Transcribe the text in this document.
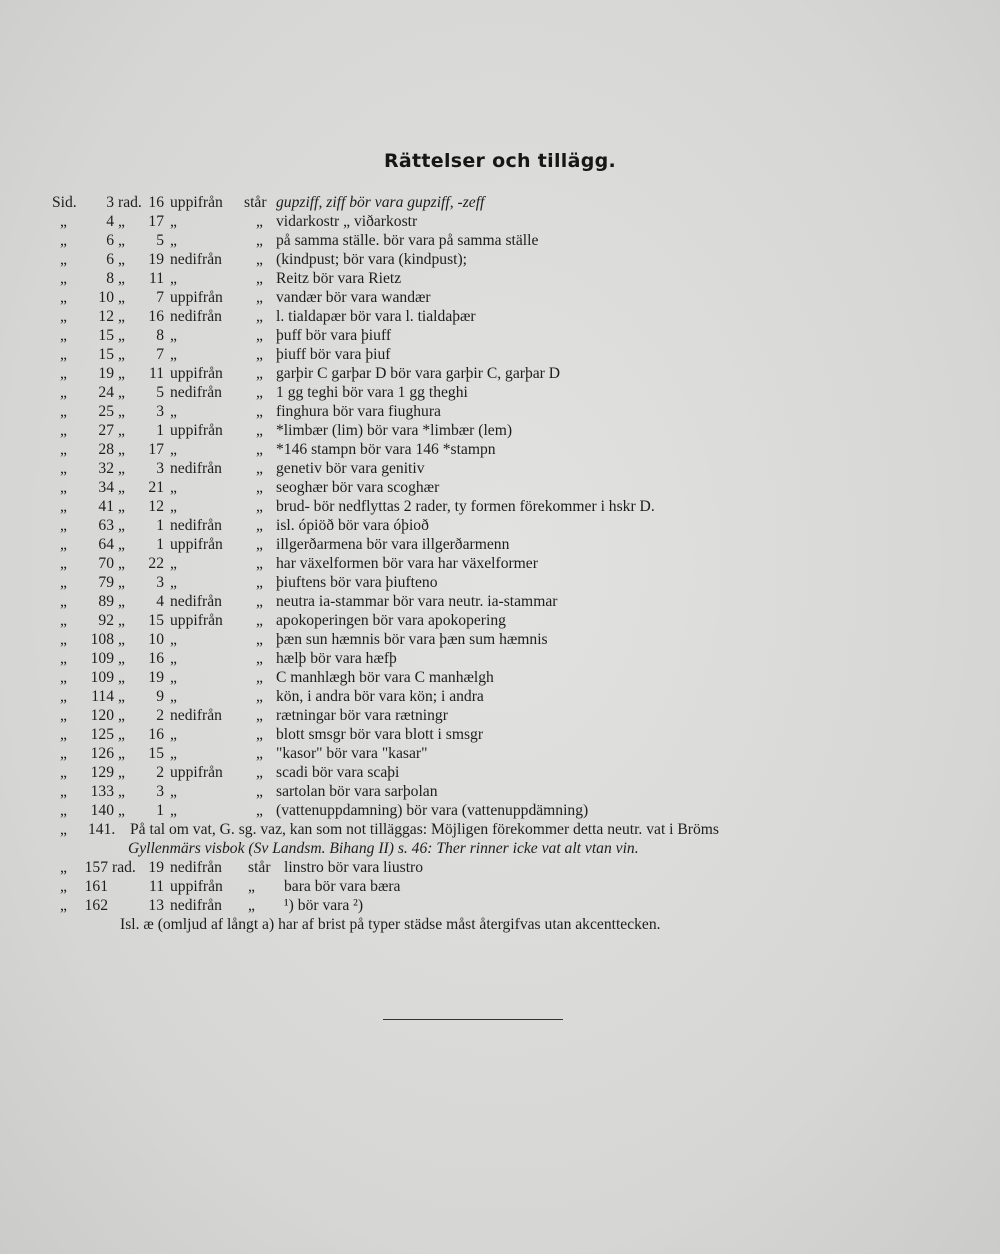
Rättelser och tillägg.
Sid.	3 rad. 16 uppifrån står gupziff, ziff bör vara gupziff, -zeff
„	4 „	17 „	„ vidarkostr „ viðarkostr
„	6 „	5 „	„ på samma ställe. bör vara på samma ställe
„	6 „	19 nedifrån „ (kindpust; bör vara (kindpust);
„	8 „	11 „	„ Reitz bör vara Rietz
„	10 „	7 uppifrån „ vandær bör vara wandær
„	12 „	16 nedifrån „ l. tialdapær bör vara l. tialdaþær
„	15 „	8 „	„ þuff bör vara þiuff
„	15 „	7 „	„ þiuff bör vara þiuf
„	19 „	11 uppifrån „ garþir C garþar D bör vara garþir C, garþar D
„	24 „	5 nedifrån „ 1 gg teghi bör vara 1 gg theghi
„	25 „	3 „	„ finghura bör vara fiughura
„	27 „	1 uppifrån „ *limbær (lim) bör vara *limbær (lem)
„	28 „	17 „	„ *146 stampn bör vara 146 *stampn
„	32 „	3 nedifrån „ genetiv bör vara genitiv
„	34 „	21 „	„ seoghær bör vara scoghær
„	41 „	12 „	„ brud- bör nedflyttas 2 rader, ty formen förekommer i hskr D.
„	63 „	1 nedifrån „ isl. ópiöð bör vara óþioð
„	64 „	1 uppifrån „ illgerðarmena bör vara illgerðarmenn
„	70 „	22 „	„ har växelformen bör vara har växelformer
„	79 „	3 „	„ þiuftens bör vara þiufteno
„	89 „	4 nedifrån „ neutra ia-stammar bör vara neutr. ia-stammar
„	92 „	15 uppifrån „ apokoperingen bör vara apokopering
„	108 „	10 „	„ þæn sun hæmnis bör vara þæn sum hæmnis
„	109 „	16 „	„ hælþ bör vara hæfþ
„	109 „	19 „	„ C manhlægh bör vara C manhælgh
„	114 „	9 „	„ kön, i andra bör vara kön; i andra
„	120 „	2 nedifrån „ rætningar bör vara rætningr
„	125 „	16 „	„ blott smsgr bör vara blott i smsgr
„	126 „	15 „	„ "kasor" bör vara "kasar"
„	129 „	2 uppifrån „ scadi bör vara scaþi
„	133 „	3 „	„ sartolan bör vara sarþolan
„	140 „	1 „	„ (vattenuppdamning) bör vara (vattenuppdämning)
„ 141. På tal om vat, G. sg. vaz, kan som not tilläggas: Möjligen förekommer detta neutr. vat i Bröms
Gyllenmärs visbok (Sv Landsm. Bihang II) s. 46: Ther rinner icke vat alt vtan vin.
„	157 rad. 19 nedifrån står linstro bör vara liustro
„	161	11 uppifrån „ bara bör vara bæra
„	162	13 nedifrån „ ¹) bör vara ²)
Isl. æ (omljud af långt a) har af brist på typer städse måst återgifvas utan akcenttecken.
